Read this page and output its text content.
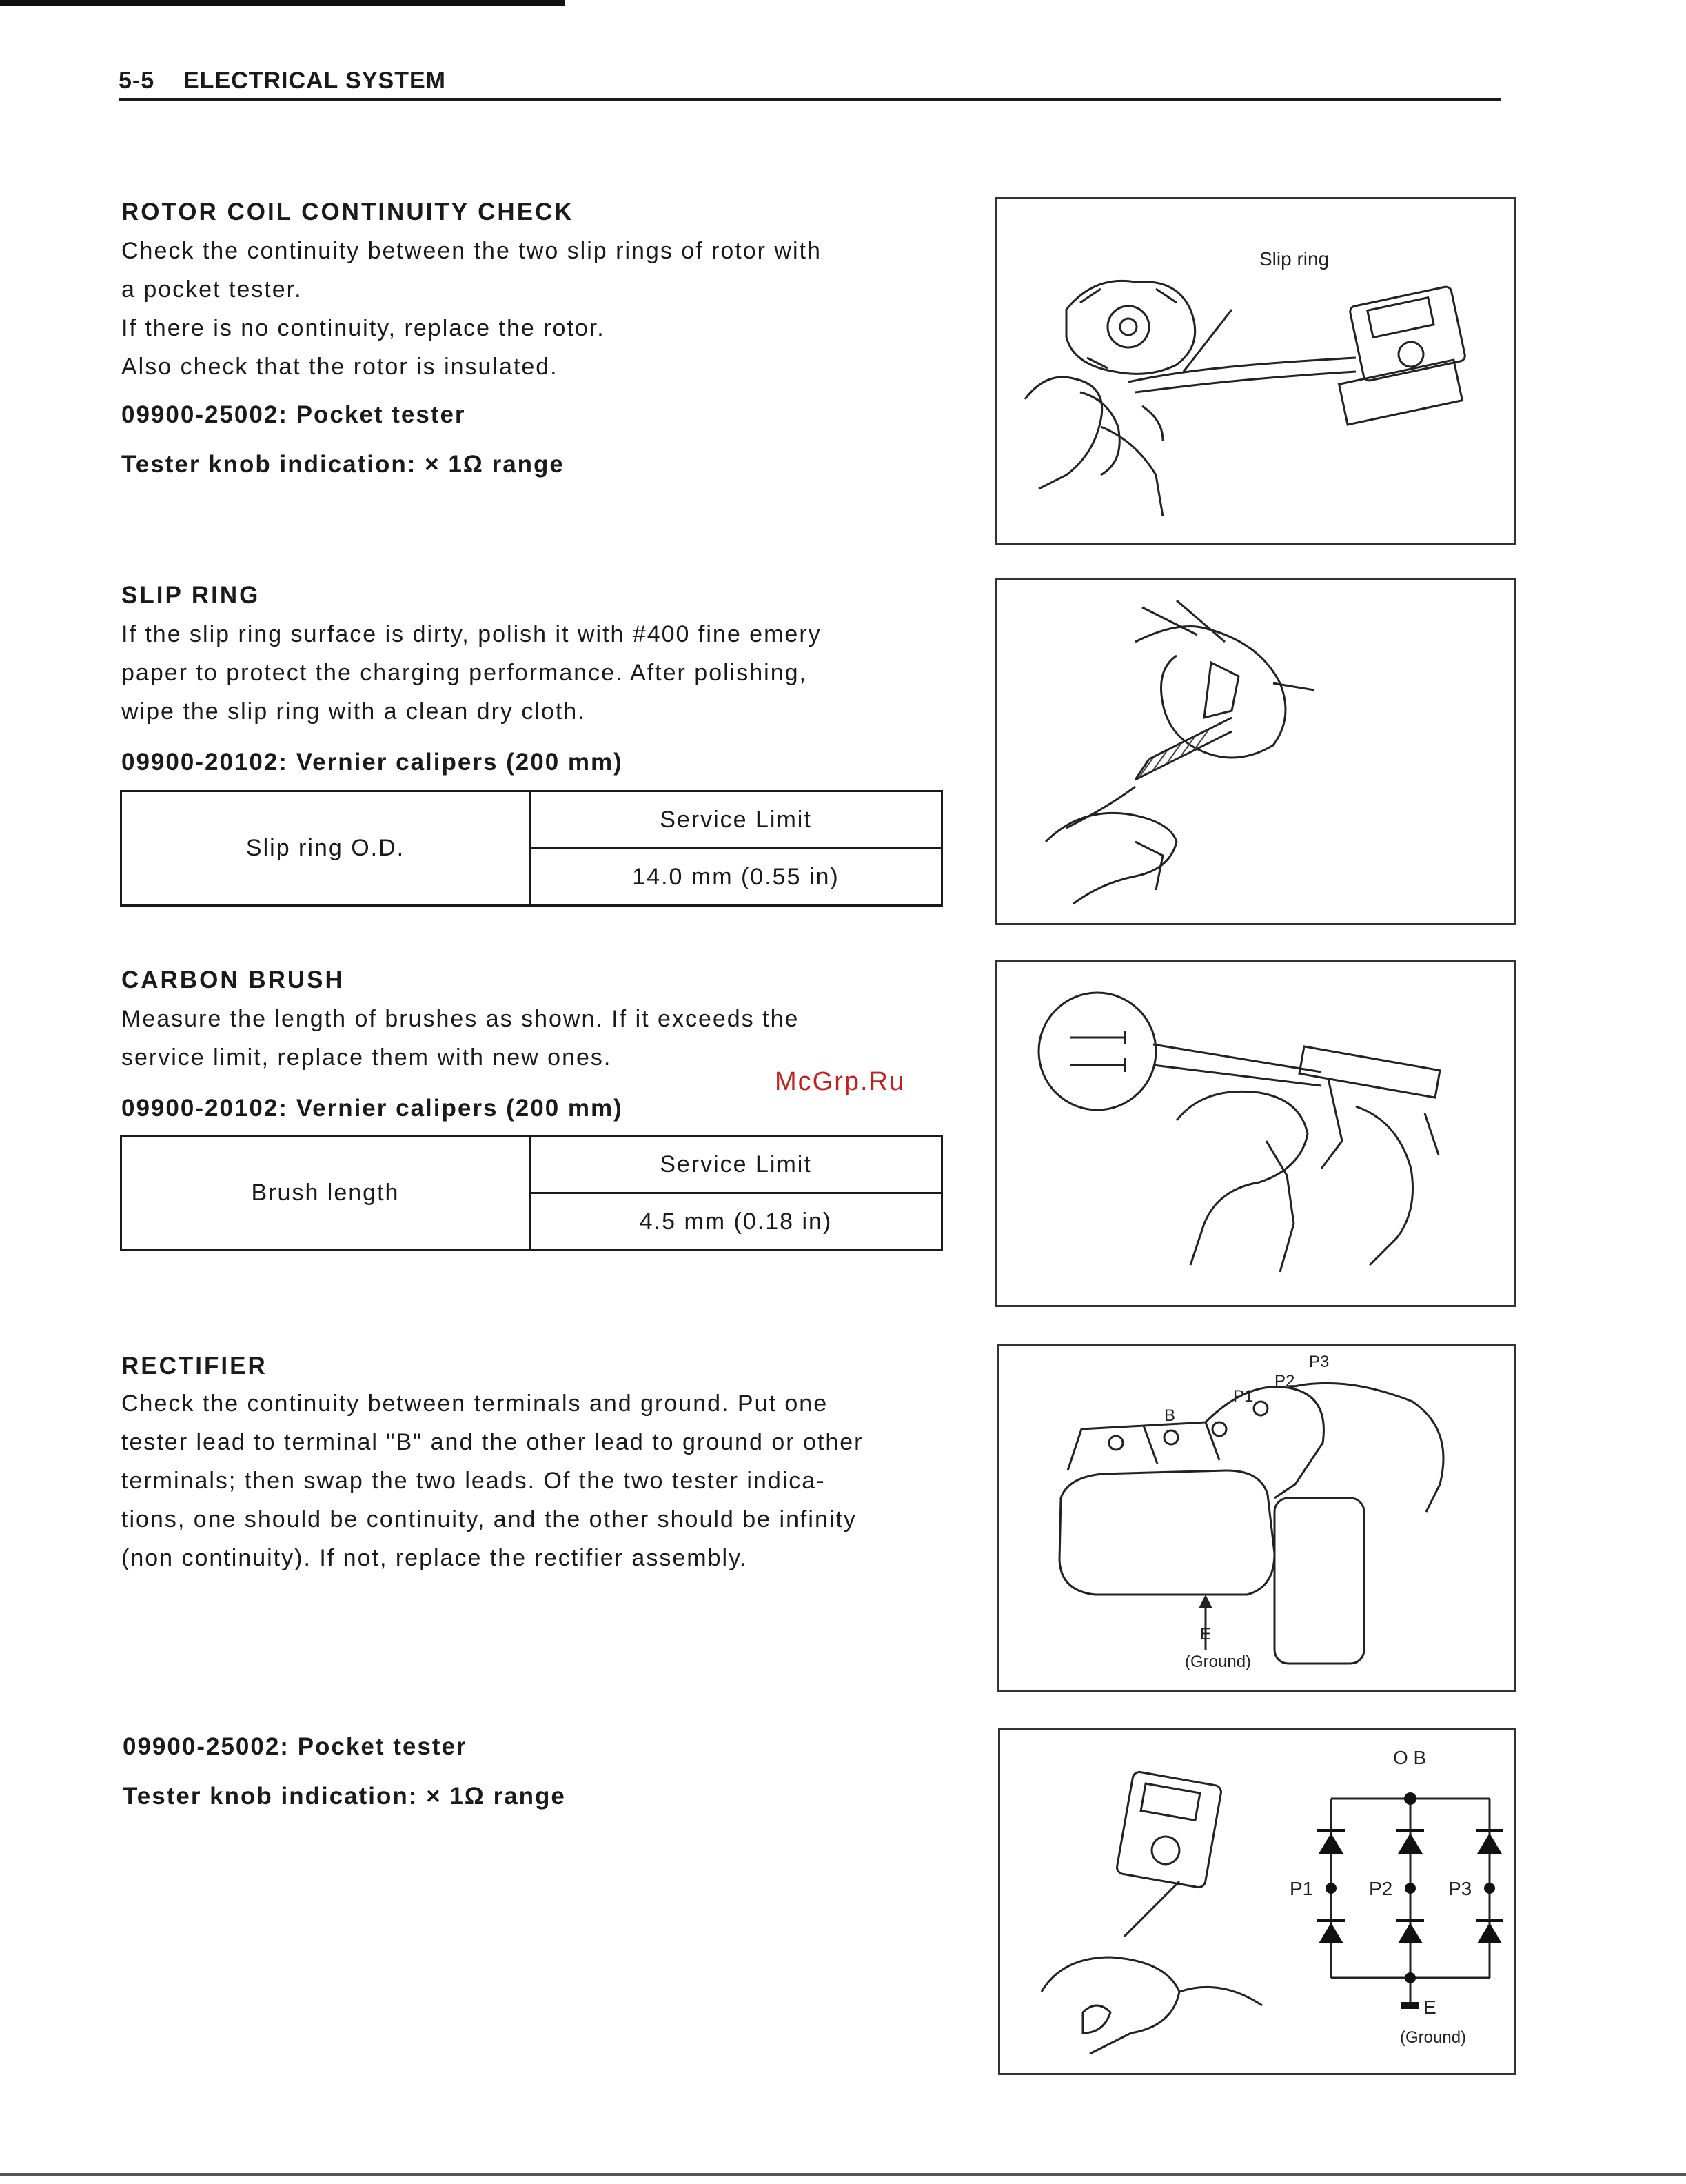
5-5 ELECTRICAL SYSTEM
ROTOR COIL CONTINUITY CHECK
Check the continuity between the two slip rings of rotor with
a pocket tester.
If there is no continuity, replace the rotor.
Also check that the rotor is insulated.
09900-25002: Pocket tester
Tester knob indication: × 1Ω range
SLIP RING
If the slip ring surface is dirty, polish it with #400 fine emery
paper to protect the charging performance. After polishing,
wipe the slip ring with a clean dry cloth.
09900-20102: Vernier calipers (200 mm)
Slip ring O.D.	Service Limit
14.0 mm (0.55 in)
CARBON BRUSH
Measure the length of brushes as shown. If it exceeds the
service limit, replace them with new ones.
09900-20102: Vernier calipers (200 mm)
Brush length	Service Limit
4.5 mm (0.18 in)
McGrp.Ru
RECTIFIER
Check the continuity between terminals and ground. Put one
tester lead to terminal "B" and the other lead to ground or other
terminals; then swap the two leads. Of the two tester indica-
tions, one should be continuity, and the other should be infinity
(non continuity). If not, replace the rectifier assembly.
09900-25002: Pocket tester
Tester knob indication: × 1Ω range
Slip ring
B
P1
P2
P3
E
(Ground)
O B
P1	P2	P3
E
(Ground)
